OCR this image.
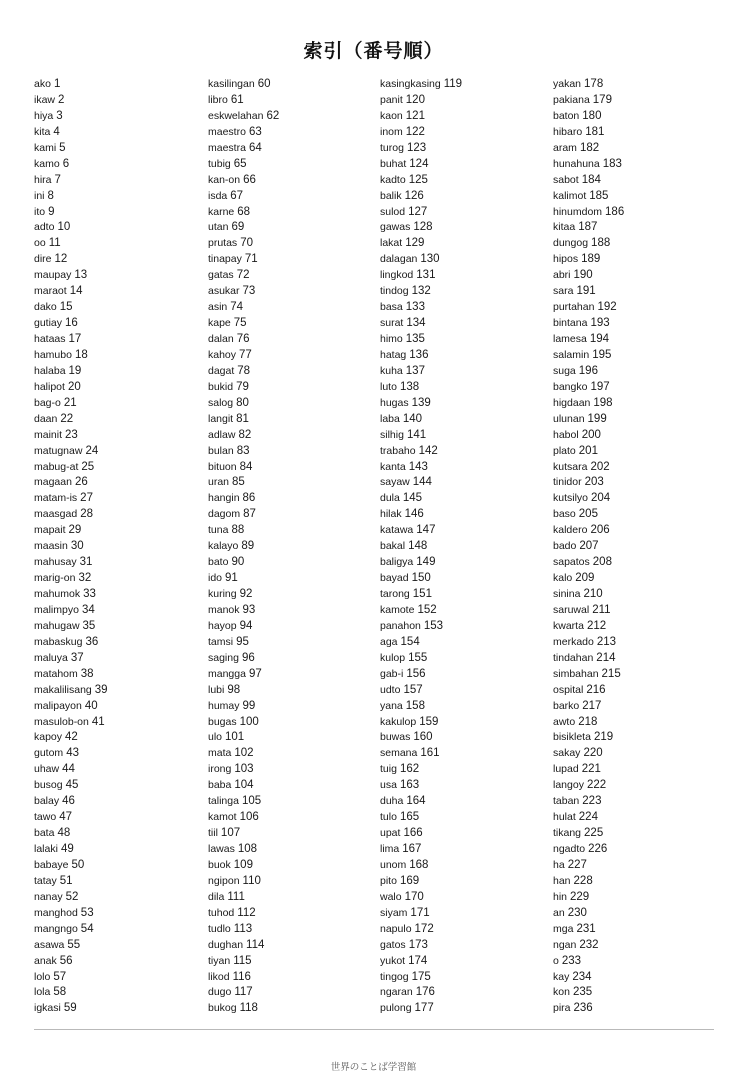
索引（番号順）
ako 1
ikaw 2
hiya 3
kita 4
kami 5
kamo 6
hira 7
ini 8
ito 9
adto 10
oo 11
dire 12
maupay 13
maraot 14
dako 15
gutiay 16
hataas 17
hamubo 18
halaba 19
halipot 20
bag-o 21
daan 22
mainit 23
matugnaw 24
mabug-at 25
magaan 26
matam-is 27
maasgad 28
mapait 29
maasin 30
mahusay 31
marig-on 32
mahumok 33
malimpyo 34
mahugaw 35
mabaskug 36
maluya 37
matahom 38
makalilisang 39
malipayon 40
masulob-on 41
kapoy 42
gutom 43
uhaw 44
busog 45
balay 46
tawo 47
bata 48
lalaki 49
babaye 50
tatay 51
nanay 52
manghod 53
mangngo 54
asawa 55
anak 56
lolo 57
lola 58
igkasi 59
kasilingan 60
libro 61
eskwelahan 62
maestro 63
maestra 64
tubig 65
kan-on 66
isda 67
karne 68
utan 69
prutas 70
tinapay 71
gatas 72
asukar 73
asin 74
kape 75
dalan 76
kahoy 77
dagat 78
bukid 79
salog 80
langit 81
adlaw 82
bulan 83
bituon 84
uran 85
hangin 86
dagom 87
tuna 88
kalayo 89
bato 90
ido 91
kuring 92
manok 93
hayop 94
tamsi 95
saging 96
mangga 97
lubi 98
humay 99
bugas 100
ulo 101
mata 102
irong 103
baba 104
talinga 105
kamot 106
tiil 107
lawas 108
buok 109
ngipon 110
dila 111
tuhod 112
tudlo 113
dughan 114
tiyan 115
likod 116
dugo 117
bukog 118
kasingkasing 119
panit 120
kaon 121
inom 122
turog 123
buhat 124
kadto 125
balik 126
sulod 127
gawas 128
lakat 129
dalagan 130
lingkod 131
tindog 132
basa 133
surat 134
himo 135
hatag 136
kuha 137
luto 138
hugas 139
laba 140
silhig 141
trabaho 142
kanta 143
sayaw 144
dula 145
hilak 146
katawa 147
bakal 148
baligya 149
bayad 150
tarong 151
kamote 152
panahon 153
aga 154
kulop 155
gab-i 156
udto 157
yana 158
kakulop 159
buwas 160
semana 161
tuig 162
usa 163
duha 164
tulo 165
upat 166
lima 167
unom 168
pito 169
walo 170
siyam 171
napulo 172
gatos 173
yukot 174
tingog 175
ngaran 176
pulong 177
yakan 178
pakiana 179
baton 180
hibaro 181
aram 182
hunahuna 183
sabot 184
kalimot 185
hinumdom 186
kitaa 187
dungog 188
hipos 189
abri 190
sara 191
purtahan 192
bintana 193
lamesa 194
salamin 195
suga 196
bangko 197
higdaan 198
ulunan 199
habol 200
plato 201
kutsara 202
tinidor 203
kutsilyo 204
baso 205
kaldero 206
bado 207
sapatos 208
kalo 209
sinina 210
saruwal 211
kwarta 212
merkado 213
tindahan 214
simbahan 215
ospital 216
barko 217
awto 218
bisikleta 219
sakay 220
lupad 221
langoy 222
taban 223
hulat 224
tikang 225
ngadto 226
ha 227
han 228
hin 229
an 230
mga 231
ngan 232
o 233
kay 234
kon 235
pira 236
世界のことば学習館
